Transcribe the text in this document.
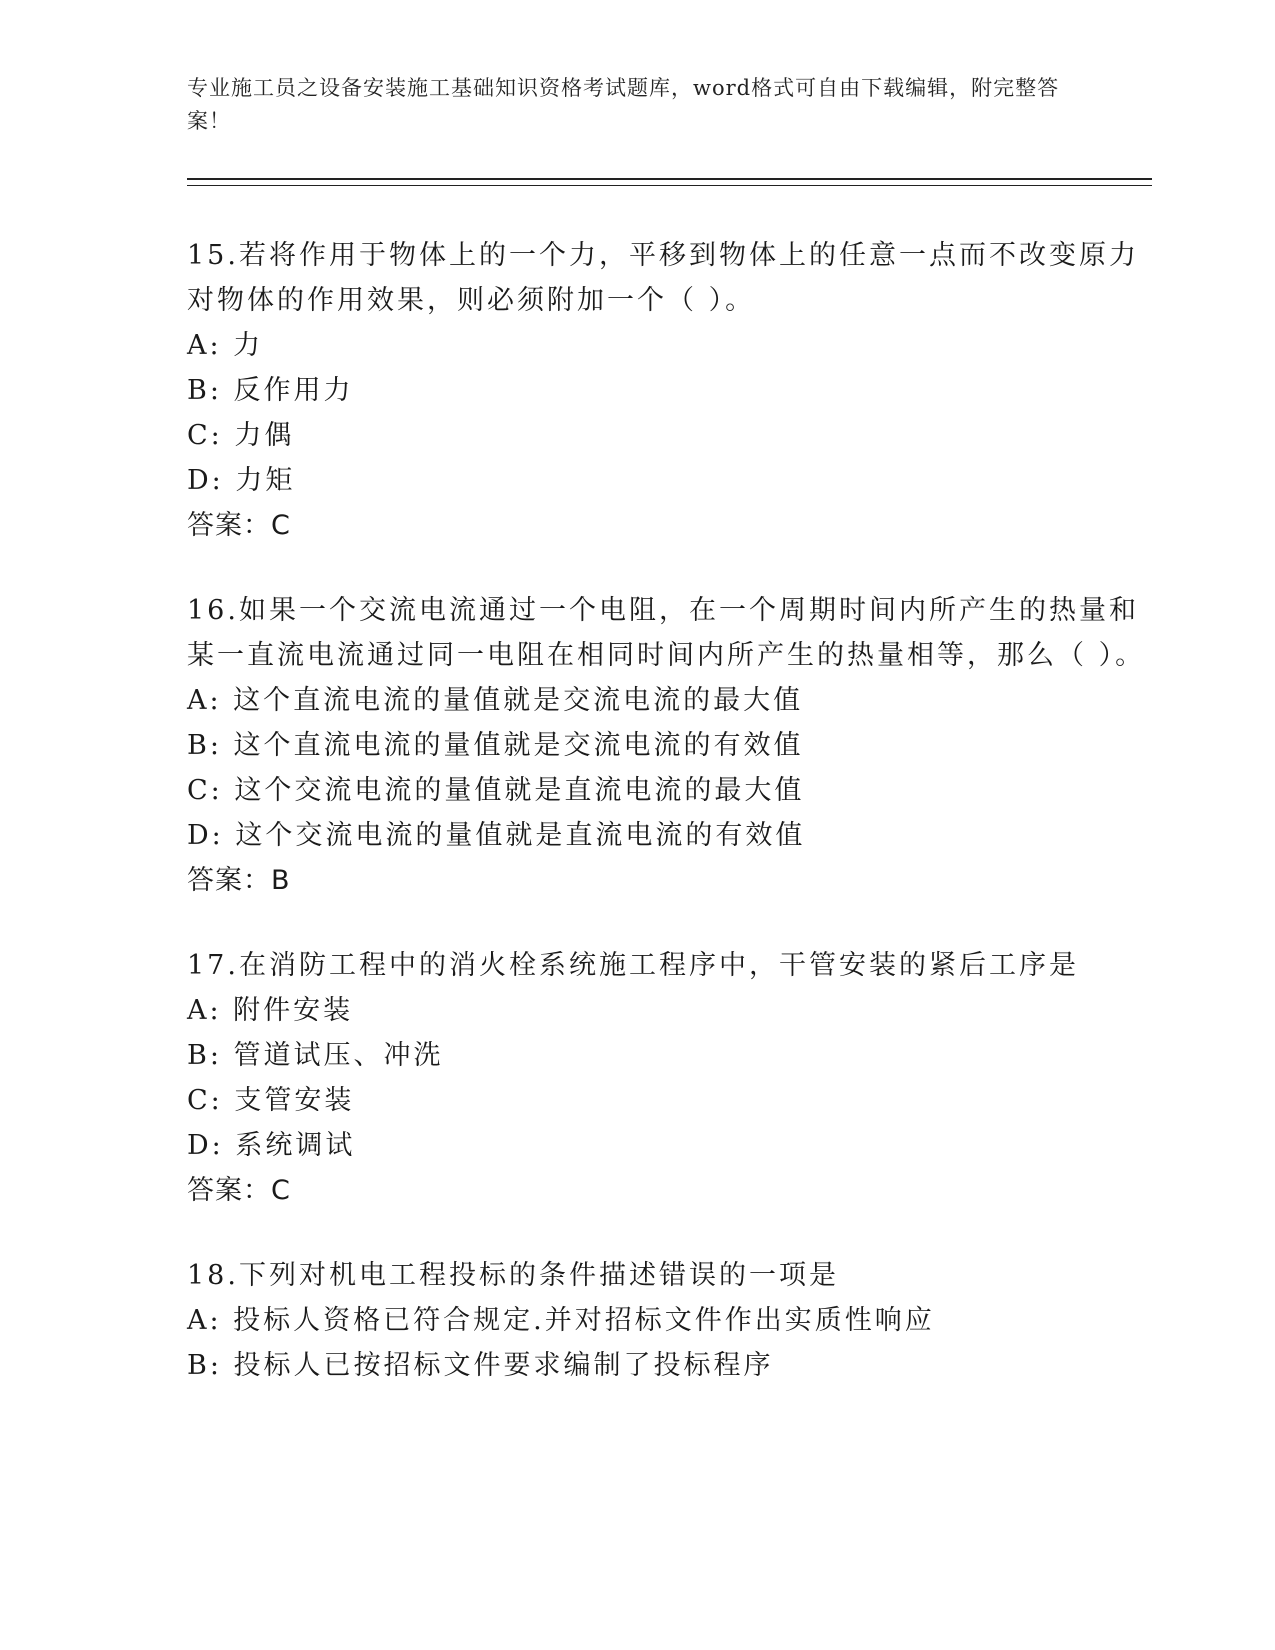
专业施工员之设备安装施工基础知识资格考试题库，word格式可自由下载编辑，附完整答案！

15.若将作用于物体上的一个力，平移到物体上的任意一点而不改变原力对物体的作用效果，则必须附加一个（ ）。

A: 力

B: 反作用力

C: 力偶

D: 力矩

答案：C

16.如果一个交流电流通过一个电阻，在一个周期时间内所产生的热量和某一直流电流通过同一电阻在相同时间内所产生的热量相等，那么（ ）。

A: 这个直流电流的量值就是交流电流的最大值

B: 这个直流电流的量值就是交流电流的有效值

C: 这个交流电流的量值就是直流电流的最大值

D: 这个交流电流的量值就是直流电流的有效值

答案：B

17.在消防工程中的消火栓系统施工程序中，干管安装的紧后工序是

A: 附件安装

B: 管道试压、冲洗

C: 支管安装

D: 系统调试

答案：C

18.下列对机电工程投标的条件描述错误的一项是

A: 投标人资格已符合规定.并对招标文件作出实质性响应

B: 投标人已按招标文件要求编制了投标程序
